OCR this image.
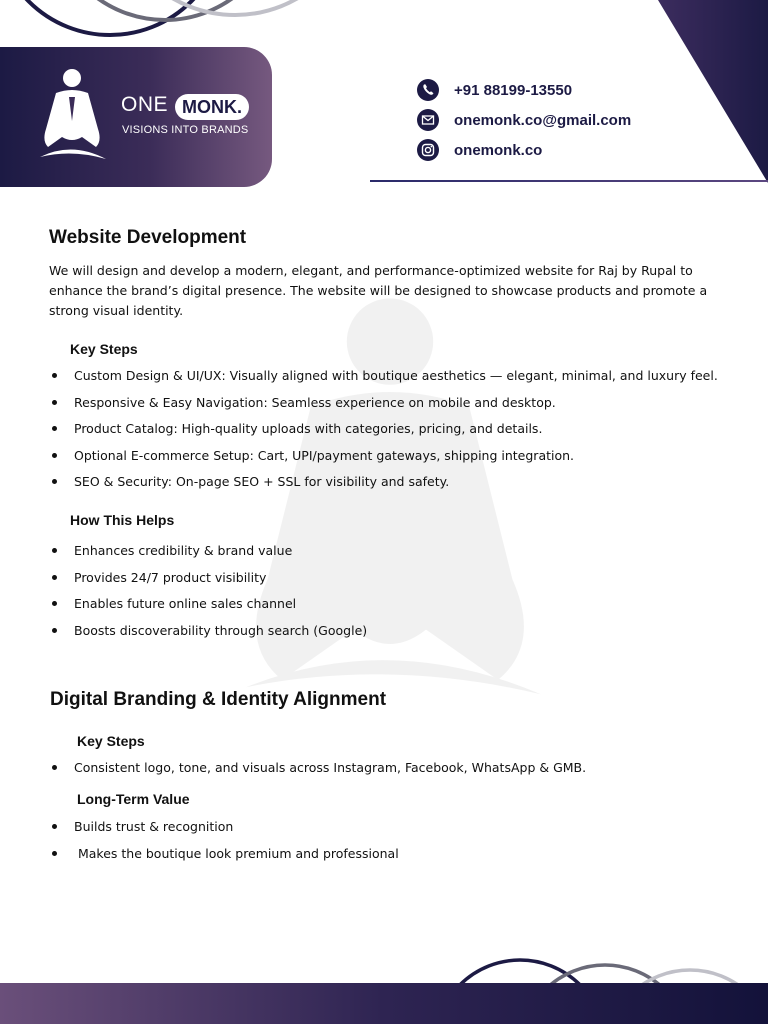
ONE MONK.
VISIONS INTO BRANDS
+91 88199-13550
onemonk.co@gmail.com
onemonk.co
Website Development

We will design and develop a modern, elegant, and performance-optimized website for Raj by Rupal to enhance the brand’s digital presence. The website will be designed to showcase products and promote a strong visual identity.

Key Steps
Custom Design & UI/UX: Visually aligned with boutique aesthetics — elegant, minimal, and luxury feel.
Responsive & Easy Navigation: Seamless experience on mobile and desktop.
Product Catalog: High-quality uploads with categories, pricing, and details.
Optional E-commerce Setup: Cart, UPI/payment gateways, shipping integration.
SEO & Security: On-page SEO + SSL for visibility and safety.
How This Helps
Enhances credibility & brand value
Provides 24/7 product visibility
Enables future online sales channel
Boosts discoverability through search (Google)
Digital Branding & Identity Alignment
Key Steps
Consistent logo, tone, and visuals across Instagram, Facebook, WhatsApp & GMB.
Long-Term Value
Builds trust & recognition
Makes the boutique look premium and professional
